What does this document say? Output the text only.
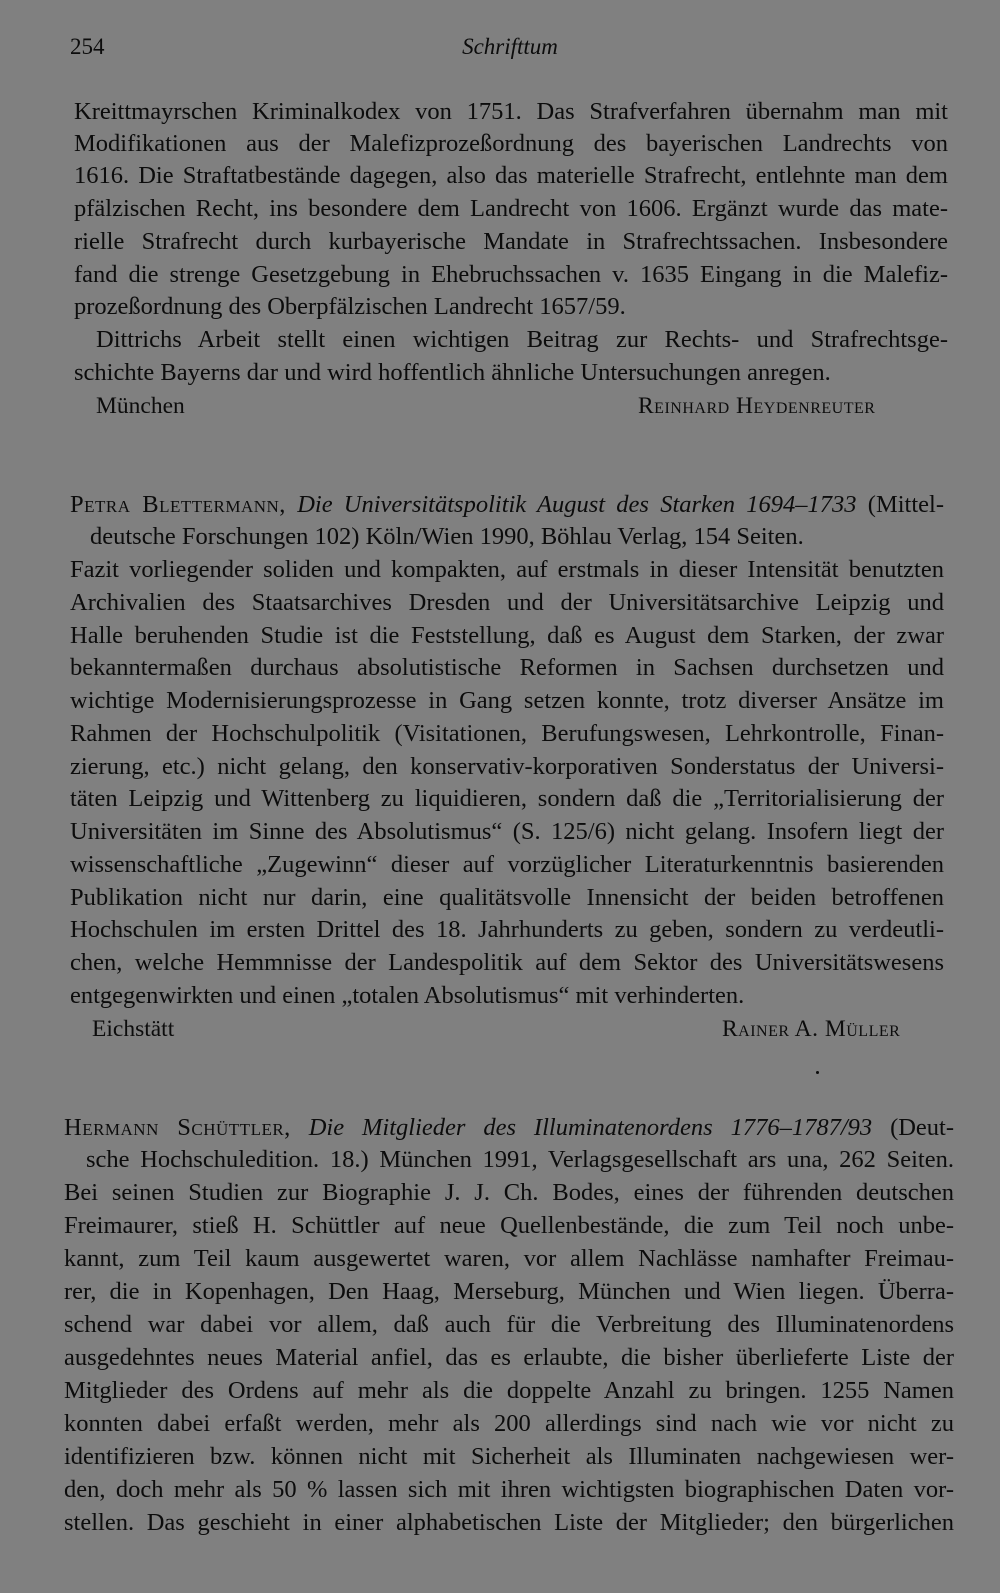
254	Schrifttum
Kreittmayrschen Kriminalkodex von 1751. Das Strafverfahren übernahm man mit
Modifikationen aus der Malefizprozeßordnung des bayerischen Landrechts von
1616. Die Straftatbestände dagegen, also das materielle Strafrecht, entlehnte man dem
pfälzischen Recht, ins besondere dem Landrecht von 1606. Ergänzt wurde das mate-
rielle Strafrecht durch kurbayerische Mandate in Strafrechtssachen. Insbesondere
fand die strenge Gesetzgebung in Ehebruchssachen v. 1635 Eingang in die Malefiz-
prozeßordnung des Oberpfälzischen Landrecht 1657/59.
Dittrichs Arbeit stellt einen wichtigen Beitrag zur Rechts- und Strafrechtsge-
schichte Bayerns dar und wird hoffentlich ähnliche Untersuchungen anregen.
München	Reinhard Heydenreuter
Petra Blettermann, Die Universitätspolitik August des Starken 1694–1733 (Mittel-
deutsche Forschungen 102) Köln/Wien 1990, Böhlau Verlag, 154 Seiten.
Fazit vorliegender soliden und kompakten, auf erstmals in dieser Intensität benutzten
Archivalien des Staatsarchives Dresden und der Universitätsarchive Leipzig und
Halle beruhenden Studie ist die Feststellung, daß es August dem Starken, der zwar
bekanntermaßen durchaus absolutistische Reformen in Sachsen durchsetzen und
wichtige Modernisierungsprozesse in Gang setzen konnte, trotz diverser Ansätze im
Rahmen der Hochschulpolitik (Visitationen, Berufungswesen, Lehrkontrolle, Finan-
zierung, etc.) nicht gelang, den konservativ-korporativen Sonderstatus der Universi-
täten Leipzig und Wittenberg zu liquidieren, sondern daß die „Territorialisierung der
Universitäten im Sinne des Absolutismus“ (S. 125/6) nicht gelang. Insofern liegt der
wissenschaftliche „Zugewinn“ dieser auf vorzüglicher Literaturkenntnis basierenden
Publikation nicht nur darin, eine qualitätsvolle Innensicht der beiden betroffenen
Hochschulen im ersten Drittel des 18. Jahrhunderts zu geben, sondern zu verdeutli-
chen, welche Hemmnisse der Landespolitik auf dem Sektor des Universitätswesens
entgegenwirkten und einen „totalen Absolutismus“ mit verhinderten.
Eichstätt	Rainer A. Müller
Hermann Schüttler, Die Mitglieder des Illuminatenordens 1776–1787/93 (Deut-
sche Hochschuledition. 18.) München 1991, Verlagsgesellschaft ars una, 262 Seiten.
Bei seinen Studien zur Biographie J. J. Ch. Bodes, eines der führenden deutschen
Freimaurer, stieß H. Schüttler auf neue Quellenbestände, die zum Teil noch unbe-
kannt, zum Teil kaum ausgewertet waren, vor allem Nachlässe namhafter Freimau-
rer, die in Kopenhagen, Den Haag, Merseburg, München und Wien liegen. Überra-
schend war dabei vor allem, daß auch für die Verbreitung des Illuminatenordens
ausgedehntes neues Material anfiel, das es erlaubte, die bisher überlieferte Liste der
Mitglieder des Ordens auf mehr als die doppelte Anzahl zu bringen. 1255 Namen
konnten dabei erfaßt werden, mehr als 200 allerdings sind nach wie vor nicht zu
identifizieren bzw. können nicht mit Sicherheit als Illuminaten nachgewiesen wer-
den, doch mehr als 50 % lassen sich mit ihren wichtigsten biographischen Daten vor-
stellen. Das geschieht in einer alphabetischen Liste der Mitglieder; den bürgerlichen
